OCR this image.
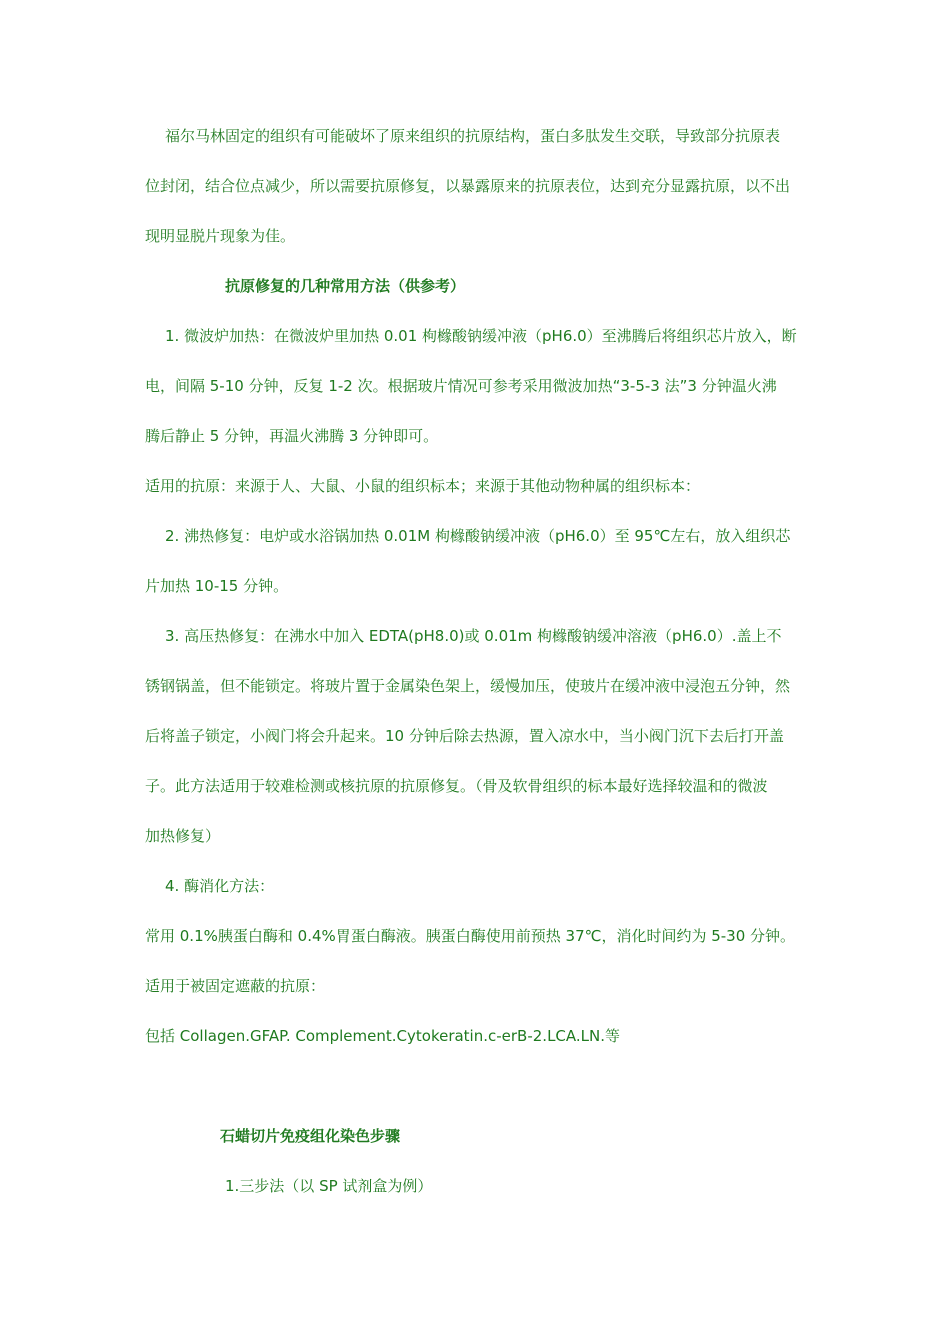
福尔马林固定的组织有可能破坏了原来组织的抗原结构，蛋白多肽发生交联，导致部分抗原表
位封闭，结合位点减少，所以需要抗原修复，以暴露原来的抗原表位，达到充分显露抗原，以不出
现明显脱片现象为佳。
抗原修复的几种常用方法（供参考）
1. 微波炉加热：在微波炉里加热 0.01 枸橼酸钠缓冲液（pH6.0）至沸腾后将组织芯片放入，断
电，间隔 5-10 分钟，反复 1-2 次。根据玻片情况可参考采用微波加热“3-5-3 法”3 分钟温火沸
腾后静止 5 分钟，再温火沸腾 3 分钟即可。
适用的抗原：来源于人、大鼠、小鼠的组织标本；来源于其他动物种属的组织标本：
2. 沸热修复：电炉或水浴锅加热 0.01M 枸橼酸钠缓冲液（pH6.0）至 95℃左右，放入组织芯
片加热 10-15 分钟。
3. 高压热修复：在沸水中加入 EDTA(pH8.0)或 0.01m 枸橼酸钠缓冲溶液（pH6.0）.盖上不
锈钢锅盖，但不能锁定。将玻片置于金属染色架上，缓慢加压，使玻片在缓冲液中浸泡五分钟，然
后将盖子锁定，小阀门将会升起来。10 分钟后除去热源，置入凉水中，当小阀门沉下去后打开盖
子。此方法适用于较难检测或核抗原的抗原修复。（骨及软骨组织的标本最好选择较温和的微波
加热修复）
4. 酶消化方法：
常用 0.1%胰蛋白酶和 0.4%胃蛋白酶液。胰蛋白酶使用前预热 37℃，消化时间约为 5-30 分钟。
适用于被固定遮蔽的抗原：
包括 Collagen.GFAP. Complement.Cytokeratin.c-erB-2.LCA.LN.等
石蜡切片免疫组化染色步骤
1.三步法（以 SP 试剂盒为例）
